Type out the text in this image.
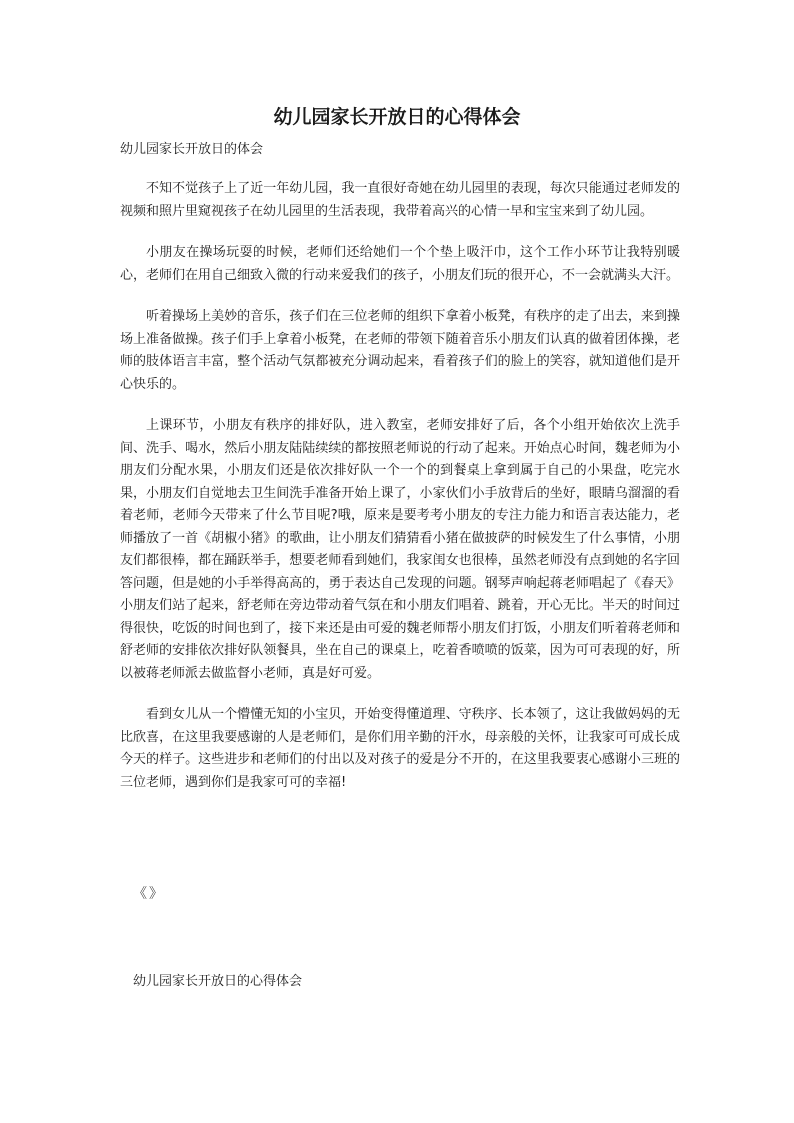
幼儿园家长开放日的心得体会

幼儿园家长开放日的体会

不知不觉孩子上了近一年幼儿园，我一直很好奇她在幼儿园里的表现，每次只能通过老师发的视频和照片里窥视孩子在幼儿园里的生活表现，我带着高兴的心情一早和宝宝来到了幼儿园。

小朋友在操场玩耍的时候，老师们还给她们一个个垫上吸汗巾，这个工作小环节让我特别暖心，老师们在用自己细致入微的行动来爱我们的孩子，小朋友们玩的很开心，不一会就满头大汗。

听着操场上美妙的音乐，孩子们在三位老师的组织下拿着小板凳，有秩序的走了出去，来到操场上准备做操。孩子们手上拿着小板凳，在老师的带领下随着音乐小朋友们认真的做着团体操，老师的肢体语言丰富，整个活动气氛都被充分调动起来，看着孩子们的脸上的笑容，就知道他们是开心快乐的。

上课环节，小朋友有秩序的排好队，进入教室，老师安排好了后，各个小组开始依次上洗手间、洗手、喝水，然后小朋友陆陆续续的都按照老师说的行动了起来。开始点心时间，魏老师为小朋友们分配水果，小朋友们还是依次排好队一个一个的到餐桌上拿到属于自己的小果盘，吃完水果，小朋友们自觉地去卫生间洗手准备开始上课了，小家伙们小手放背后的坐好，眼睛乌溜溜的看着老师，老师今天带来了什么节目呢?哦，原来是要考考小朋友的专注力能力和语言表达能力，老师播放了一首《胡椒小猪》的歌曲，让小朋友们猜猜看小猪在做披萨的时候发生了什么事情，小朋友们都很棒，都在踊跃举手，想要老师看到她们，我家闺女也很棒，虽然老师没有点到她的名字回答问题，但是她的小手举得高高的，勇于表达自己发现的问题。钢琴声响起蒋老师唱起了《春天》 小朋友们站了起来，舒老师在旁边带动着气氛在和小朋友们唱着、跳着，开心无比。半天的时间过得很快，吃饭的时间也到了，接下来还是由可爱的魏老师帮小朋友们打饭，小朋友们听着蒋老师和舒老师的安排依次排好队领餐具，坐在自己的课桌上，吃着香喷喷的饭菜，因为可可表现的好，所以被蒋老师派去做监督小老师，真是好可爱。

看到女儿从一个懵懂无知的小宝贝，开始变得懂道理、守秩序、长本领了，这让我做妈妈的无比欣喜，在这里我要感谢的人是老师们，是你们用辛勤的汗水，母亲般的关怀，让我家可可成长成今天的样子。这些进步和老师们的付出以及对孩子的爱是分不开的，在这里我要衷心感谢小三班的三位老师，遇到你们是我家可可的幸福!

《》

幼儿园家长开放日的心得体会
